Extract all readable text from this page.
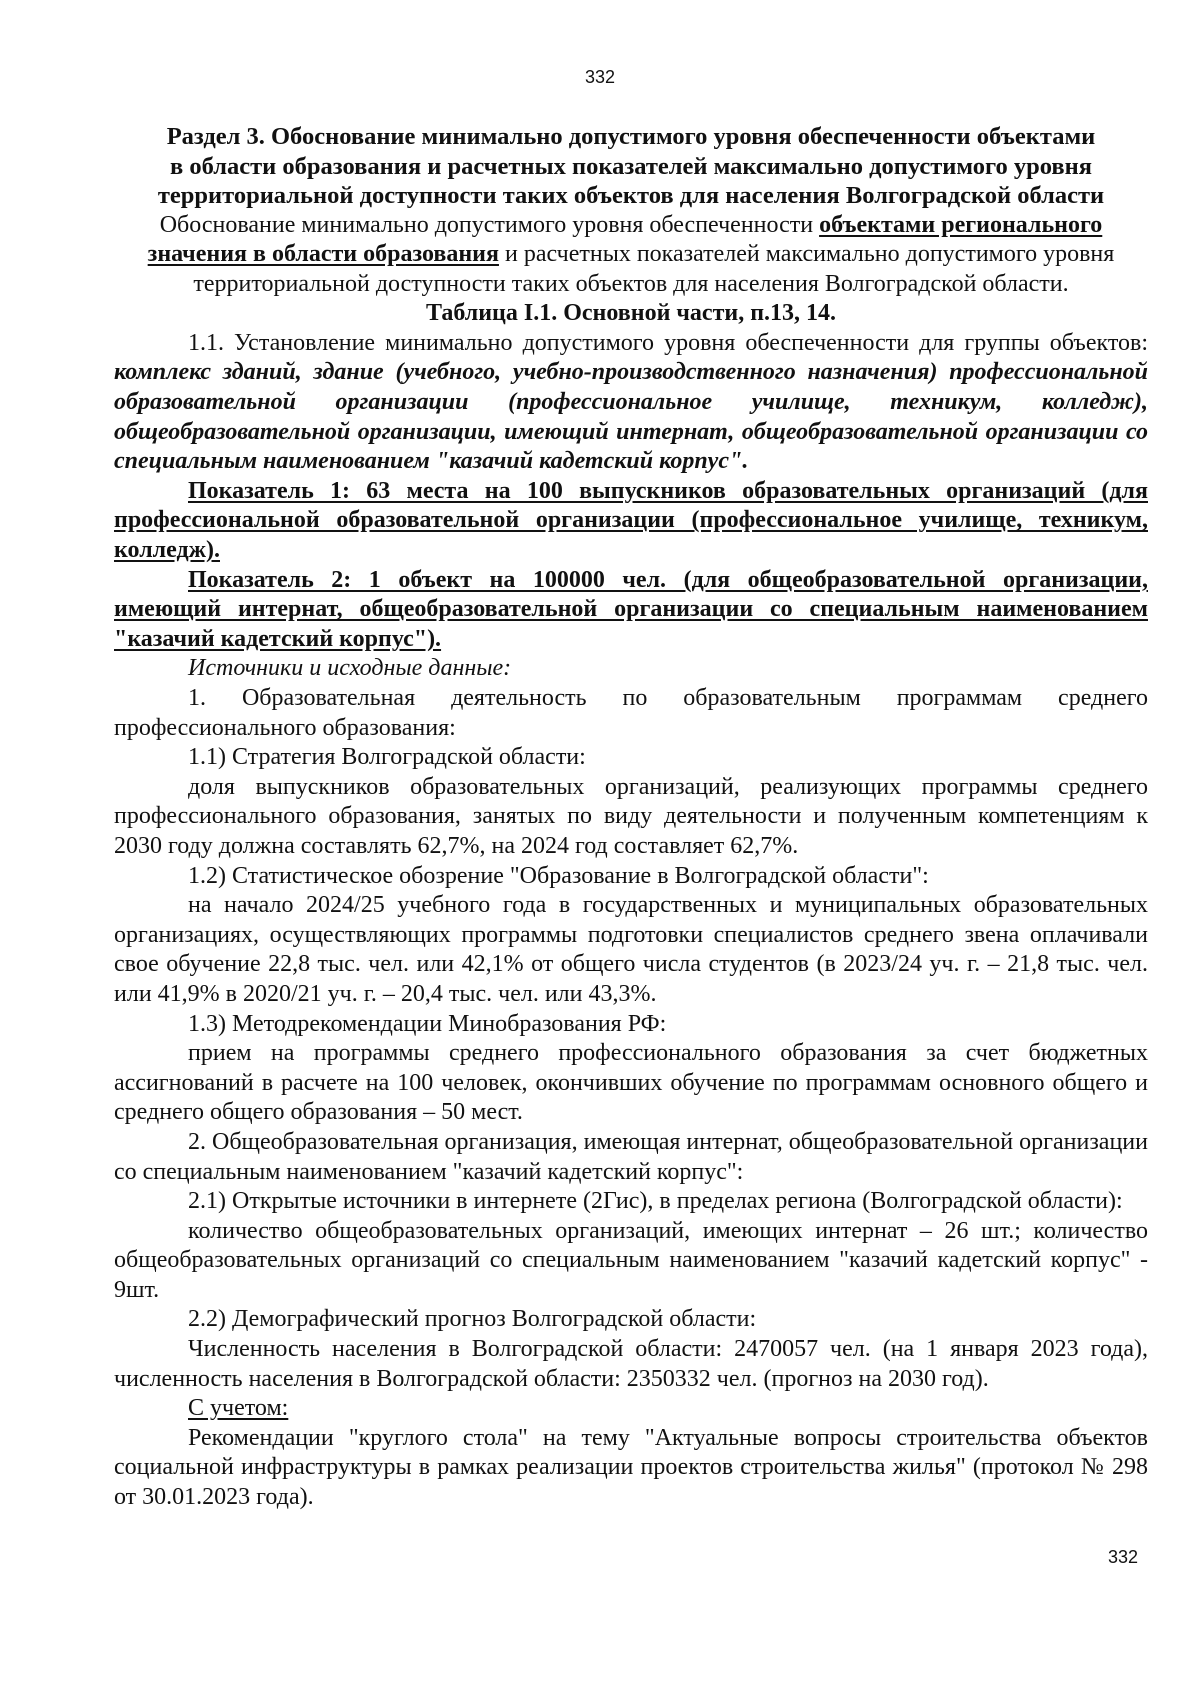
332
Раздел 3. Обоснование минимально допустимого уровня обеспеченности объектами
в области образования и расчетных показателей максимально допустимого уровня
территориальной доступности таких объектов для населения Волгоградской области

Обоснование минимально допустимого уровня обеспеченности объектами регионального значения в области образования и расчетных показателей максимально допустимого уровня территориальной доступности таких объектов для населения Волгоградской области.

Таблица I.1. Основной части, п.13, 14.

1.1. Установление минимально допустимого уровня обеспеченности для группы объектов: комплекс зданий, здание (учебного, учебно-производственного назначения) профессиональной образовательной организации (профессиональное училище, техникум, колледж), общеобразовательной организации, имеющий интернат, общеобразовательной организации со специальным наименованием "казачий кадетский корпус".

Показатель 1: 63 места на 100 выпускников образовательных организаций (для профессиональной образовательной организации (профессиональное училище, техникум, колледж).

Показатель 2: 1 объект на 100000 чел. (для общеобразовательной организации, имеющий интернат, общеобразовательной организации со специальным наименованием "казачий кадетский корпус").

Источники и исходные данные:

1. Образовательная деятельность по образовательным программам среднего профессионального образования:

1.1) Стратегия Волгоградской области:

доля выпускников образовательных организаций, реализующих программы среднего профессионального образования, занятых по виду деятельности и полученным компетенциям к 2030 году должна составлять 62,7%, на 2024 год составляет 62,7%.

1.2) Статистическое обозрение "Образование в Волгоградской области":

на начало 2024/25 учебного года в государственных и муниципальных образовательных организациях, осуществляющих программы подготовки специалистов среднего звена оплачивали свое обучение 22,8 тыс. чел. или 42,1% от общего числа студентов (в 2023/24 уч. г. – 21,8 тыс. чел. или 41,9% в 2020/21 уч. г. – 20,4 тыс. чел. или 43,3%.

1.3) Методрекомендации Минобразования РФ:

прием на программы среднего профессионального образования за счет бюджетных ассигнований в расчете на 100 человек, окончивших обучение по программам основного общего и среднего общего образования – 50 мест.

2. Общеобразовательная организация, имеющая интернат, общеобразовательной организации со специальным наименованием "казачий кадетский корпус":

2.1) Открытые источники в интернете (2Гис), в пределах региона (Волгоградской области):

количество общеобразовательных организаций, имеющих интернат – 26 шт.; количество общеобразовательных организаций со специальным наименованием "казачий кадетский корпус" - 9шт.

2.2) Демографический прогноз Волгоградской области:

Численность населения в Волгоградской области: 2470057 чел. (на 1 января 2023 года), численность населения в Волгоградской области: 2350332 чел. (прогноз на 2030 год).

С учетом:

Рекомендации "круглого стола" на тему "Актуальные вопросы строительства объектов социальной инфраструктуры в рамках реализации проектов строительства жилья" (протокол № 298 от 30.01.2023 года).

332
